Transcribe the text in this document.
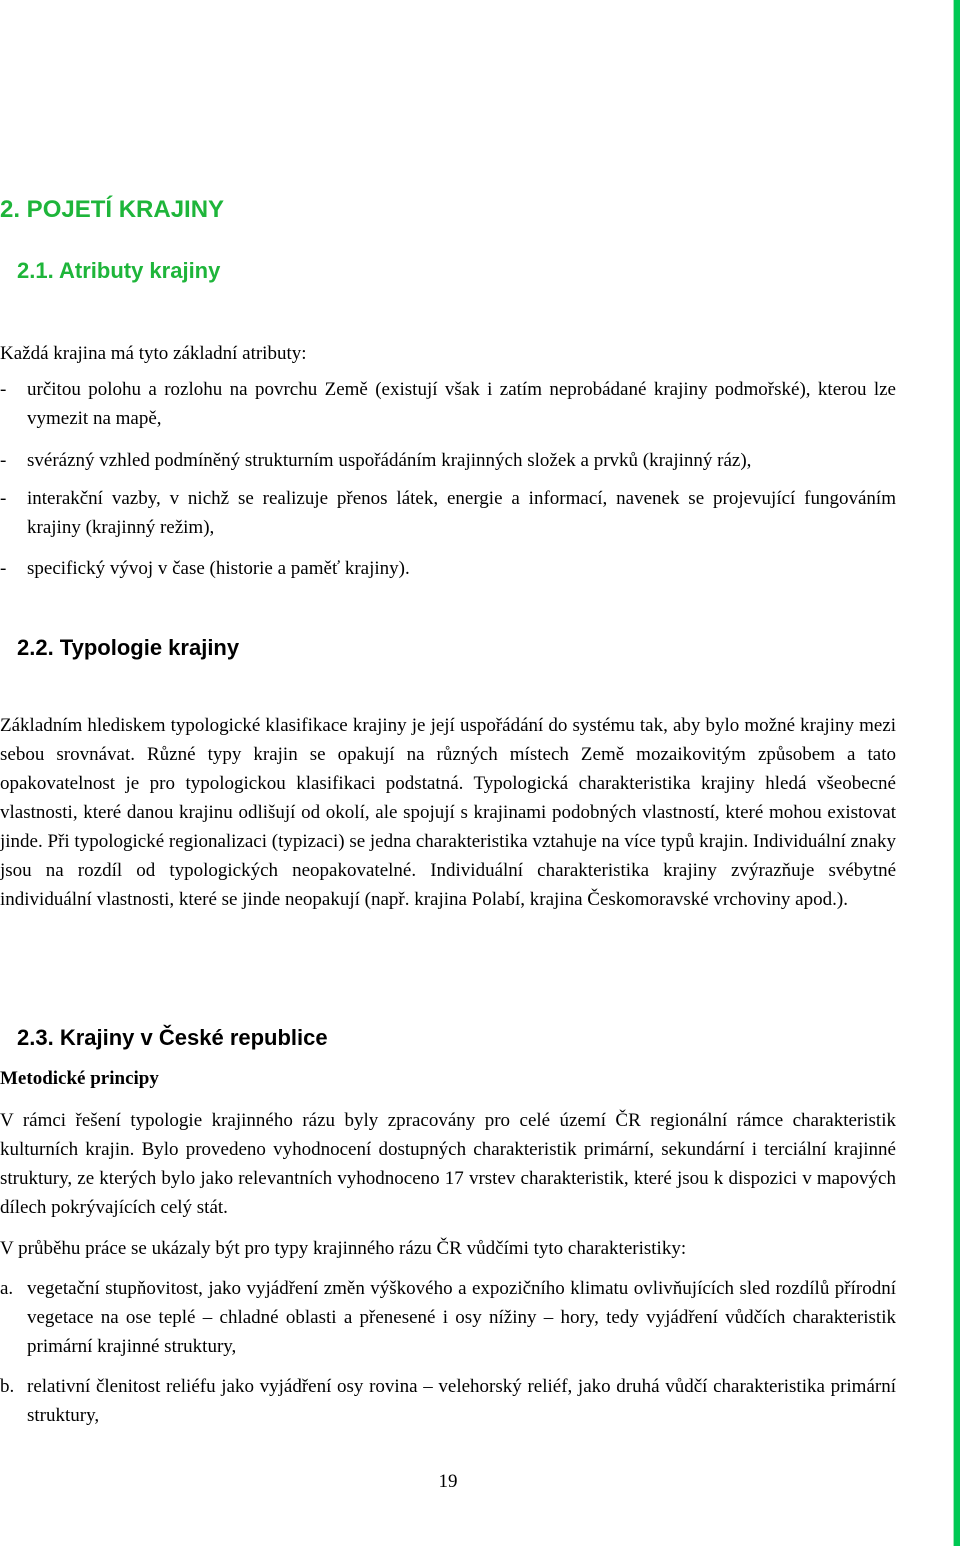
2. POJETÍ KRAJINY
2.1. Atributy krajiny

Každá krajina má tyto základní atributy:

- určitou polohu a rozlohu na povrchu Země (existují však i zatím neprobádané krajiny podmořské), kterou lze vymezit na mapě,
- svérázný vzhled podmíněný strukturním uspořádáním krajinných složek a prvků (krajinný ráz),
- interakční vazby, v nichž se realizuje přenos látek, energie a informací, navenek se projevující fungováním krajiny (krajinný režim),
- specifický vývoj v čase (historie a paměť krajiny).
2.2. Typologie krajiny

Základním hlediskem typologické klasifikace krajiny je její uspořádání do systému tak, aby bylo možné krajiny mezi sebou srovnávat. Různé typy krajin se opakují na různých místech Země mozaikovitým způsobem a tato opakovatelnost je pro typologickou klasifikaci podstatná. Typologická charakteristika krajiny hledá všeobecné vlastnosti, které danou krajinu odlišují od okolí, ale spojují s krajinami podobných vlastností, které mohou existovat jinde. Při typologické regionalizaci (typizaci) se jedna charakteristika vztahuje na více typů krajin. Individuální znaky jsou na rozdíl od typologických neopakovatelné. Individuální charakteristika krajiny zvýrazňuje svébytné individuální vlastnosti, které se jinde neopakují (např. krajina Polabí, krajina Českomoravské vrchoviny apod.).

2.3. Krajiny v České republice

Metodické principy

V rámci řešení typologie krajinného rázu byly zpracovány pro celé území ČR regionální rámce charakteristik kulturních krajin. Bylo provedeno vyhodnocení dostupných charakteristik primární, sekundární i terciální krajinné struktury, ze kterých bylo jako relevantních vyhodnoceno 17 vrstev charakteristik, které jsou k dispozici v mapových dílech pokrývajících celý stát.

V průběhu práce se ukázaly být pro typy krajinného rázu ČR vůdčími tyto charakteristiky:

a. vegetační stupňovitost, jako vyjádření změn výškového a expozičního klimatu ovlivňujících sled rozdílů přírodní vegetace na ose teplé – chladné oblasti a přenesené i osy nížiny – hory, tedy vyjádření vůdčích charakteristik primární krajinné struktury,
b. relativní členitost reliéfu jako vyjádření osy rovina – velehorský reliéf, jako druhá vůdčí charakteristika primární struktury,
19
